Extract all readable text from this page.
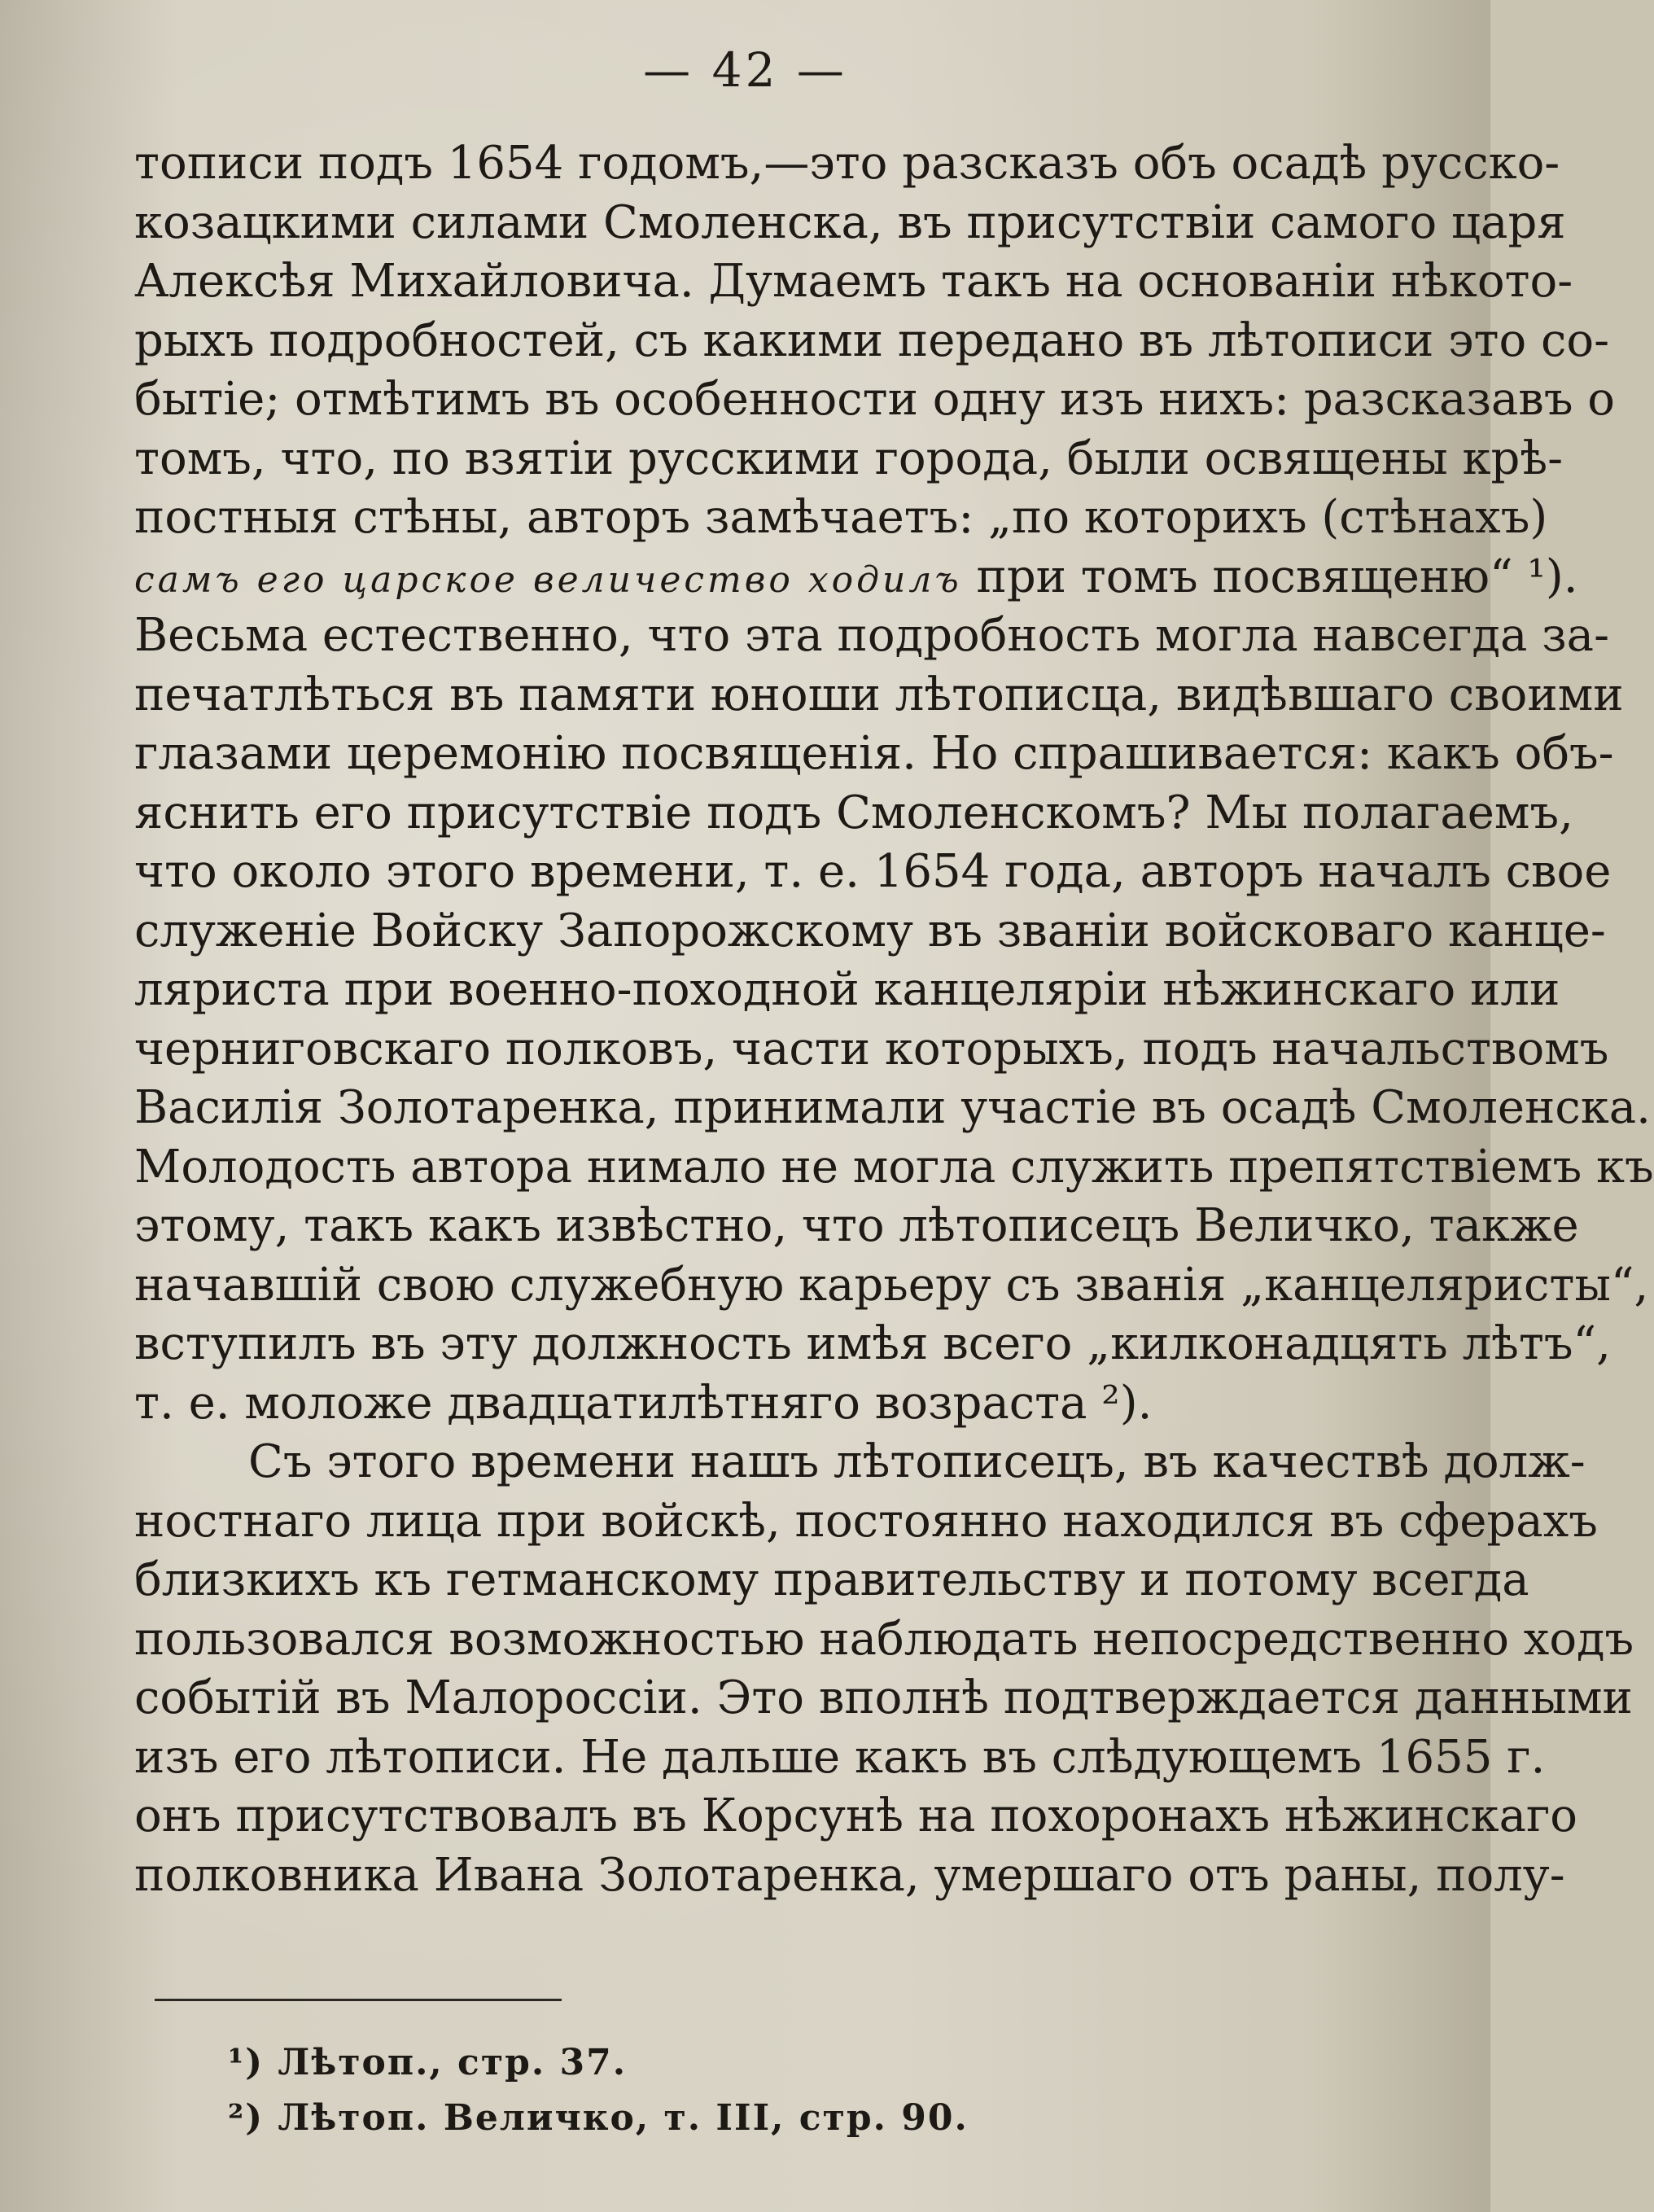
— 42 —
тописи подъ 1654 годомъ,—это разсказъ объ осадѣ русско-
козацкими силами Смоленска, въ присутствіи самого царя
Алексѣя Михайловича. Думаемъ такъ на основаніи нѣкото-
рыхъ подробностей, съ какими передано въ лѣтописи это со-
бытіе; отмѣтимъ въ особенности одну изъ нихъ: разсказавъ о
томъ, что, по взятіи русскими города, были освящены крѣ-
постныя стѣны, авторъ замѣчаетъ: „по которихъ (стѣнахъ)
самъ его царское величество ходилъ при томъ посвященю“ ¹).
Весьма естественно, что эта подробность могла навсегда за-
печатлѣться въ памяти юноши лѣтописца, видѣвшаго своими
глазами церемонію посвященія. Но спрашивается: какъ объ-
яснить его присутствіе подъ Смоленскомъ? Мы полагаемъ,
что около этого времени, т. е. 1654 года, авторъ началъ свое
служеніе Войску Запорожскому въ званіи войсковаго канце-
ляриста при военно-походной канцеляріи нѣжинскаго или
черниговскаго полковъ, части которыхъ, подъ начальствомъ
Василія Золотаренка, принимали участіе въ осадѣ Смоленска.
Молодость автора нимало не могла служить препятствіемъ къ
этому, такъ какъ извѣстно, что лѣтописецъ Величко, также
начавшій свою служебную карьеру съ званія „канцеляристы“,
вступилъ въ эту должность имѣя всего „килконадцять лѣтъ“,
т. е. моложе двадцатилѣтняго возраста ²).
Съ этого времени нашъ лѣтописецъ, въ качествѣ долж-
ностнаго лица при войскѣ, постоянно находился въ сферахъ
близкихъ къ гетманскому правительству и потому всегда
пользовался возможностью наблюдать непосредственно ходъ
событій въ Малороссіи. Это вполнѣ подтверждается данными
изъ его лѣтописи. Не дальше какъ въ слѣдующемъ 1655 г.
онъ присутствовалъ въ Корсунѣ на похоронахъ нѣжинскаго
полковника Ивана Золотаренка, умершаго отъ раны, полу-
¹) Лѣтоп., стр. 37.
²) Лѣтоп. Величко, т. III, стр. 90.
